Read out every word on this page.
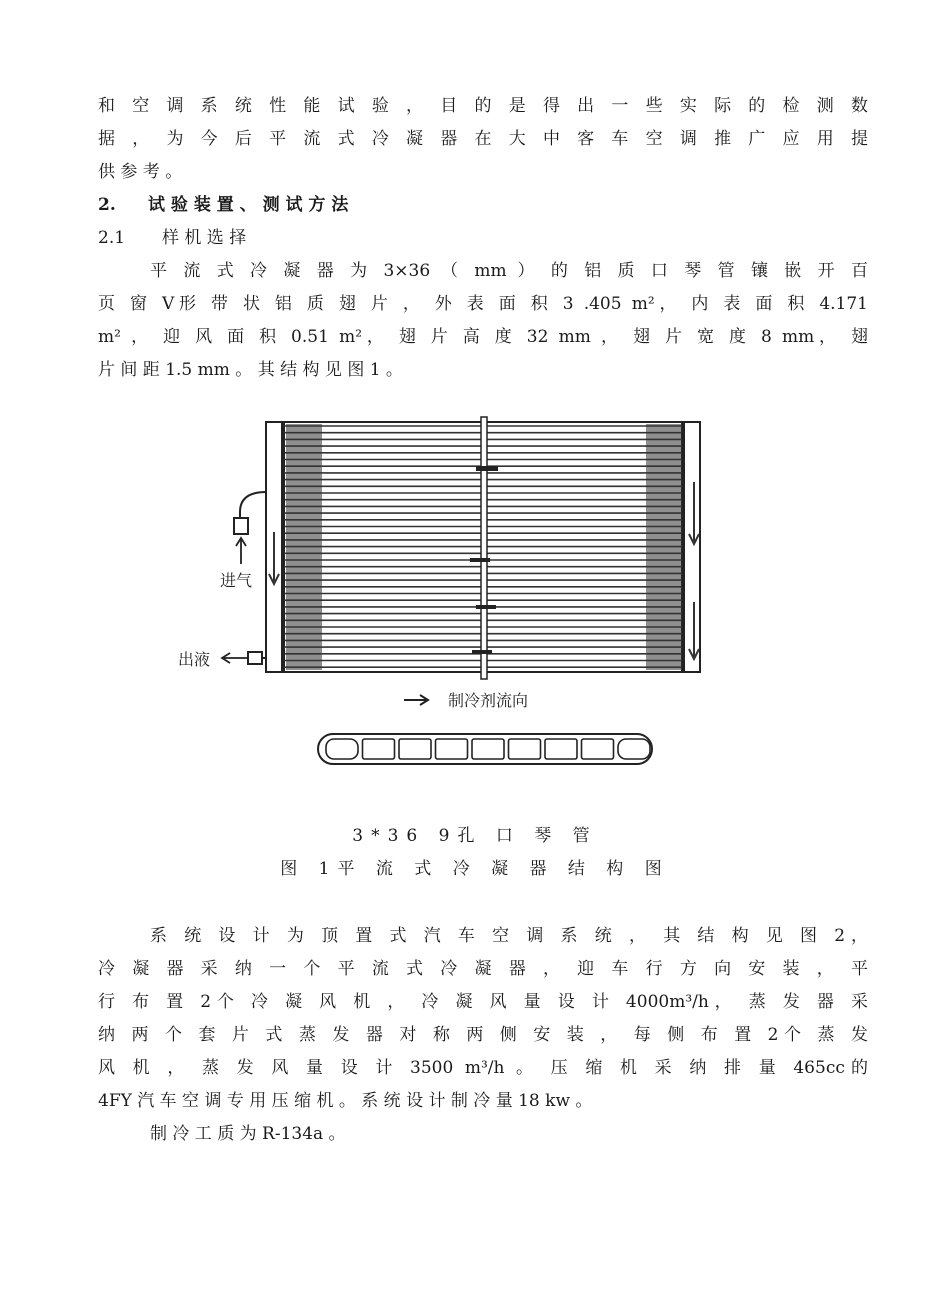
和 空 调 系 统 性 能 试 验 ， 目 的 是 得 出 一 些 实 际 的 检 测 数
据 ， 为 今 后 平 流 式 冷 凝 器 在 大 中 客 车 空 调 推 广 应 用 提
供 参 考 。
2. 试 验 装 置 、 测 试 方 法
2.1 样 机 选 择
平 流 式 冷 凝 器 为 3×36 （ mm ） 的 铝 质 口 琴 管 镶 嵌 开 百
页 窗 V形 带 状 铝 质 翅 片 ， 外 表 面 积 3 .405 m²， 内 表 面 积 4.171
m² ， 迎 风 面 积 0.51 m²， 翅 片 高 度 32 mm ， 翅 片 宽 度 8 mm， 翅
片 间 距 1.5 mm 。 其 结 构 见 图 1 。
进气
出液
制冷剂流向
3*36 9孔 口 琴 管
图 1平 流 式 冷 凝 器 结 构 图
系 统 设 计 为 顶 置 式 汽 车 空 调 系 统 ， 其 结 构 见 图 2，
冷 凝 器 采 纳 一 个 平 流 式 冷 凝 器 ， 迎 车 行 方 向 安 装 ， 平
行 布 置 2个 冷 凝 风 机 ， 冷 凝 风 量 设 计 4000m³/h， 蒸 发 器 采
纳 两 个 套 片 式 蒸 发 器 对 称 两 侧 安 装 ， 每 侧 布 置 2个 蒸 发
风 机 ， 蒸 发 风 量 设 计 3500 m³/h 。 压 缩 机 采 纳 排 量 465cc的
4FY 汽 车 空 调 专 用 压 缩 机 。 系 统 设 计 制 冷 量 18 kw 。
制 冷 工 质 为 R-134a 。
